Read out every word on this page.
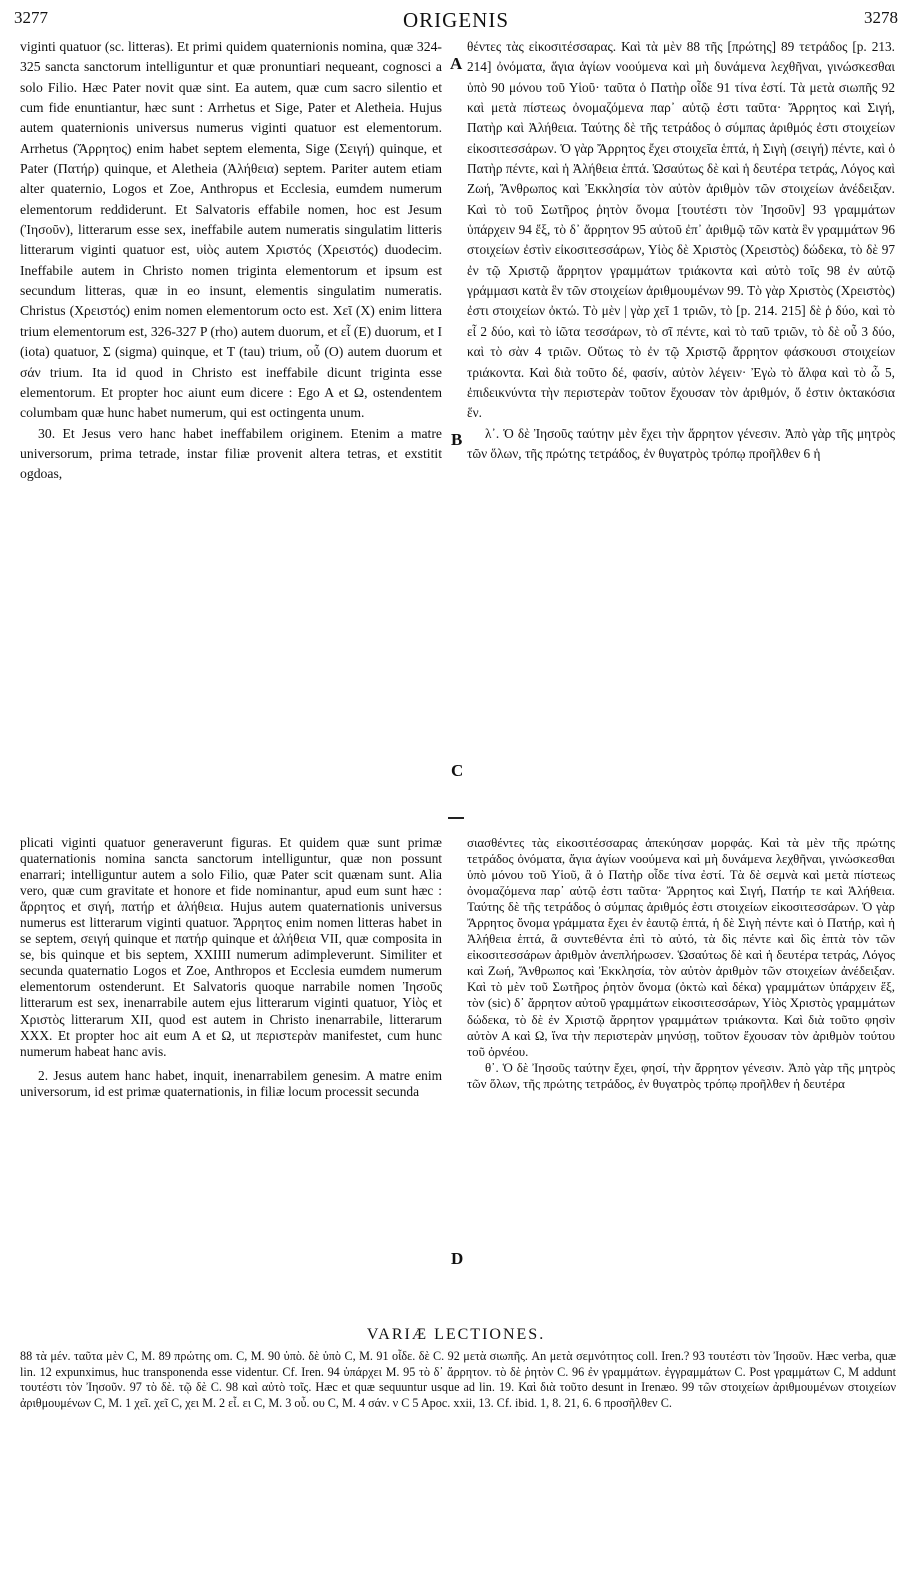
3277	ORIGENIS	3278

viginti quatuor (sc. litteras). Et primi quidem quaternionis nomina, quæ 324-325 sancta sanctorum intelliguntur et quæ pronuntiari nequeant, cognosci a solo Filio. Hæc Pater novit quæ sint. Ea autem, quæ cum sacro silentio et cum fide enuntiantur, hæc sunt : Arrhetus et Sige, Pater et Aletheia. Hujus autem quaternionis universus numerus viginti quatuor est elementorum. Arrhetus (Ἄρρητος) enim habet septem elementa, Sige (Σειγή) quinque, et Pater (Πατήρ) quinque, et Aletheia (Ἀλήθεια) septem. Pariter autem etiam alter quaternio, Logos et Zoe, Anthropus et Ecclesia, eumdem numerum elementorum reddiderunt. Et Salvatoris effabile nomen, hoc est Jesum (Ἰησοῦν), litterarum esse sex, ineffabile autem numeratis singulatim litteris litterarum viginti quatuor est, υἱὸς autem Χριστός (Χρειστός) duodecim. Ineffabile autem in Christo nomen triginta elementorum et ipsum est secundum litteras, quæ in eo insunt, elementis singulatim numeratis. Christus (Χρειστός) enim nomen elementorum octo est. Χεῖ (X) enim littera trium elementorum est, 326-327 P (rho) autem duorum, et εἶ (E) duorum, et I (iota) quatuor, Σ (sigma) quinque, et T (tau) trium, οὖ (O) autem duorum et σάν trium. Ita id quod in Christo est ineffabile dicunt triginta esse elementorum. Et propter hoc aiunt eum dicere : Ego A et Ω, ostendentem columbam quæ hunc habet numerum, qui est octingenta unum.

30. Et Jesus vero hanc habet ineffabilem originem. Etenim a matre universorum, prima tetrade, instar filiæ provenit altera tetras, et exstitit ogdoas,

A
B
C

θέντες τὰς εἰκοσιτέσσαρας. Καὶ τὰ μὲν 88 τῆς [πρώτης] 89 τετράδος [p. 213. 214] ὀνόματα, ἅγια ἁγίων νοούμενα καὶ μὴ δυνάμενα λεχθῆναι, γινώσκεσθαι ὑπὸ 90 μόνου τοῦ Υἱοῦ· ταῦτα ὁ Πατὴρ οἶδε 91 τίνα ἐστί. Τὰ μετὰ σιωπῆς 92 καὶ μετὰ πίστεως ὀνομαζόμενα παρ᾽ αὐτῷ ἐστι ταῦτα· Ἄρρητος καὶ Σιγή, Πατὴρ καὶ Ἀλήθεια. Ταύτης δὲ τῆς τετράδος ὁ σύμπας ἀριθμός ἐστι στοιχείων εἰκοσιτεσσάρων. Ὁ γὰρ Ἄρρητος ἔχει στοιχεῖα ἑπτά, ἡ Σιγὴ (σειγή) πέντε, καὶ ὁ Πατὴρ πέντε, καὶ ἡ Ἀλήθεια ἑπτά. Ὡσαύτως δὲ καὶ ἡ δευτέρα τετράς, Λόγος καὶ Ζωή, Ἄνθρωπος καὶ Ἐκκλησία τὸν αὐτὸν ἀριθμὸν τῶν στοιχείων ἀνέδειξαν. Καὶ τὸ τοῦ Σωτῆρος ῥητὸν ὄνομα [τουτέστι τὸν Ἰησοῦν] 93 γραμμάτων ὑπάρχειν 94 ἕξ, τὸ δ᾽ ἄρρητον 95 αὐτοῦ ἐπ᾽ ἀριθμῷ τῶν κατὰ ἓν γραμμάτων 96 στοιχείων ἐστὶν εἰκοσιτεσσάρων, Υἱὸς δὲ Χριστὸς (Χρειστὸς) δώδεκα, τὸ δὲ 97 ἐν τῷ Χριστῷ ἄρρητον γραμμάτων τριάκοντα καὶ αὐτὸ τοῖς 98 ἐν αὐτῷ γράμμασι κατὰ ἓν τῶν στοιχείων ἀριθμουμένων 99. Τὸ γὰρ Χριστὸς (Χρειστὸς) ἐστι στοιχείων ὀκτώ. Τὸ μὲν | γὰρ χεῖ 1 τριῶν, τὸ [p. 214. 215] δὲ ῥ δύο, καὶ τὸ εἶ 2 δύο, καὶ τὸ ἰῶτα τεσσάρων, τὸ σῖ πέντε, καὶ τὸ ταῦ τριῶν, τὸ δὲ οὖ 3 δύο, καὶ τὸ σὰν 4 τριῶν. Οὕτως τὸ ἐν τῷ Χριστῷ ἄρρητον φάσκουσι στοιχείων τριάκοντα. Καὶ διὰ τοῦτο δέ, φασίν, αὐτὸν λέγειν· Ἐγὼ τὸ ἄλφα καὶ τὸ ὦ 5, ἐπιδεικνύντα τὴν περιστερὰν τοῦτον ἔχουσαν τὸν ἀριθμόν, ὅ ἐστιν ὀκτακόσια ἕν.

λ᾽. Ὁ δὲ Ἰησοῦς ταύτην μὲν ἔχει τὴν ἄρρητον γένεσιν. Ἀπὸ γὰρ τῆς μητρὸς τῶν ὅλων, τῆς πρώτης τετράδος, ἐν θυγατρὸς τρόπῳ προῆλθεν 6 ἡ

plicati viginti quatuor generaverunt figuras. Et quidem quæ sunt primæ quaternationis nomina sancta sanctorum intelliguntur, quæ non possunt enarrari; intelliguntur autem a solo Filio, quæ Pater scit quænam sunt. Alia vero, quæ cum gravitate et honore et fide nominantur, apud eum sunt hæc : ἄρρητος et σιγή, πατήρ et ἀλήθεια. Hujus autem quaternationis universus numerus est litterarum viginti quatuor. Ἄρρητος enim nomen litteras habet in se septem, σειγή quinque et πατήρ quinque et ἀλήθεια VII, quæ composita in se, bis quinque et bis septem, XXIIII numerum adimpleverunt. Similiter et secunda quaternatio Logos et Zoe, Anthropos et Ecclesia eumdem numerum elementorum ostenderunt. Et Salvatoris quoque narrabile nomen Ἰησοῦς litterarum est sex, inenarrabile autem ejus litterarum viginti quatuor, Υἱὸς et Χριστὸς litterarum XII, quod est autem in Christo inenarrabile, litterarum XXX. Et propter hoc ait eum A et Ω, ut περιστερὰν manifestet, cum hunc numerum habeat hanc avis.

2. Jesus autem hanc habet, inquit, inenarrabilem genesim. A matre enim universorum, id est primæ quaternationis, in filiæ locum processit secunda

D

σιασθέντες τὰς εἰκοσιτέσσαρας ἀπεκύησαν μορφάς. Καὶ τὰ μὲν τῆς πρώτης τετράδος ὀνόματα, ἅγια ἁγίων νοούμενα καὶ μὴ δυνάμενα λεχθῆναι, γινώσκεσθαι ὑπὸ μόνου τοῦ Υἱοῦ, ἃ ὁ Πατὴρ οἶδε τίνα ἐστί. Τὰ δὲ σεμνὰ καὶ μετὰ πίστεως ὀνομαζόμενα παρ᾽ αὐτῷ ἐστι ταῦτα· Ἄρρητος καὶ Σιγή, Πατήρ τε καὶ Ἀλήθεια. Ταύτης δὲ τῆς τετράδος ὁ σύμπας ἀριθμός ἐστι στοιχείων εἰκοσιτεσσάρων. Ὁ γὰρ Ἄρρητος ὄνομα γράμματα ἔχει ἐν ἑαυτῷ ἑπτά, ἡ δὲ Σιγὴ πέντε καὶ ὁ Πατήρ, καὶ ἡ Ἀλήθεια ἑπτά, ἃ συντεθέντα ἐπὶ τὸ αὐτό, τὰ δὶς πέντε καὶ δὶς ἑπτὰ τὸν τῶν εἰκοσιτεσσάρων ἀριθμὸν ἀνεπλήρωσεν. Ὡσαύτως δὲ καὶ ἡ δευτέρα τετράς, Λόγος καὶ Ζωή, Ἄνθρωπος καὶ Ἐκκλησία, τὸν αὐτὸν ἀριθμὸν τῶν στοιχείων ἀνέδειξαν. Καὶ τὸ μὲν τοῦ Σωτῆρος ῥητὸν ὄνομα (ὀκτὼ καὶ δέκα) γραμμάτων ὑπάρχειν ἕξ, τὸν (sic) δ᾽ ἄρρητον αὐτοῦ γραμμάτων εἰκοσιτεσσάρων, Υἱὸς Χριστὸς γραμμάτων δώδεκα, τὸ δὲ ἐν Χριστῷ ἄρρητον γραμμάτων τριάκοντα. Καὶ διὰ τοῦτο φησὶν αὐτὸν Α καὶ Ω, ἵνα τὴν περιστερὰν μηνύσῃ, τοῦτον ἔχουσαν τὸν ἀριθμὸν τούτου τοῦ ὀρνέου.

θ᾽. Ὁ δὲ Ἰησοῦς ταύτην ἔχει, φησί, τὴν ἄρρητον γένεσιν. Ἀπὸ γὰρ τῆς μητρὸς τῶν ὅλων, τῆς πρώτης τετράδος, ἐν θυγατρὸς τρόπῳ προῆλθεν ἡ δευτέρα

VARIÆ LECTIONES.

88 τὰ μέν. ταῦτα μὲν C, M. 89 πρώτης om. C, M. 90 ὑπὸ. δὲ ὑπὸ C, M. 91 οἶδε. δὲ C. 92 μετὰ σιωπῆς. An μετὰ σεμνότητος coll. Iren.? 93 τουτέστι τὸν Ἰησοῦν. Hæc verba, quæ lin. 12 expunximus, huc transponenda esse videntur. Cf. Iren. 94 ὑπάρχει M. 95 τὸ δ᾽ ἄρρητον. τὸ δὲ ῥητὸν C. 96 ἐν γραμμάτων. ἐγγραμμάτων C. Post γραμμάτων C, M addunt τουτέστι τὸν Ἰησοῦν. 97 τὸ δὲ. τῷ δὲ C. 98 καὶ αὐτὸ τοῖς. Hæc et quæ sequuntur usque ad lin. 19. Καὶ διὰ τοῦτο desunt in Irenæo. 99 τῶν στοιχείων ἀριθμουμένων στοιχείων ἀριθμουμένων C, M. 1 χεῖ. χεῖ C, χει M. 2 εἶ. ει C, M. 3 οὖ. ου C, M. 4 σάν. ν C 5 Apoc. xxii, 13. Cf. ibid. 1, 8. 21, 6. 6 προσῆλθεν C.
